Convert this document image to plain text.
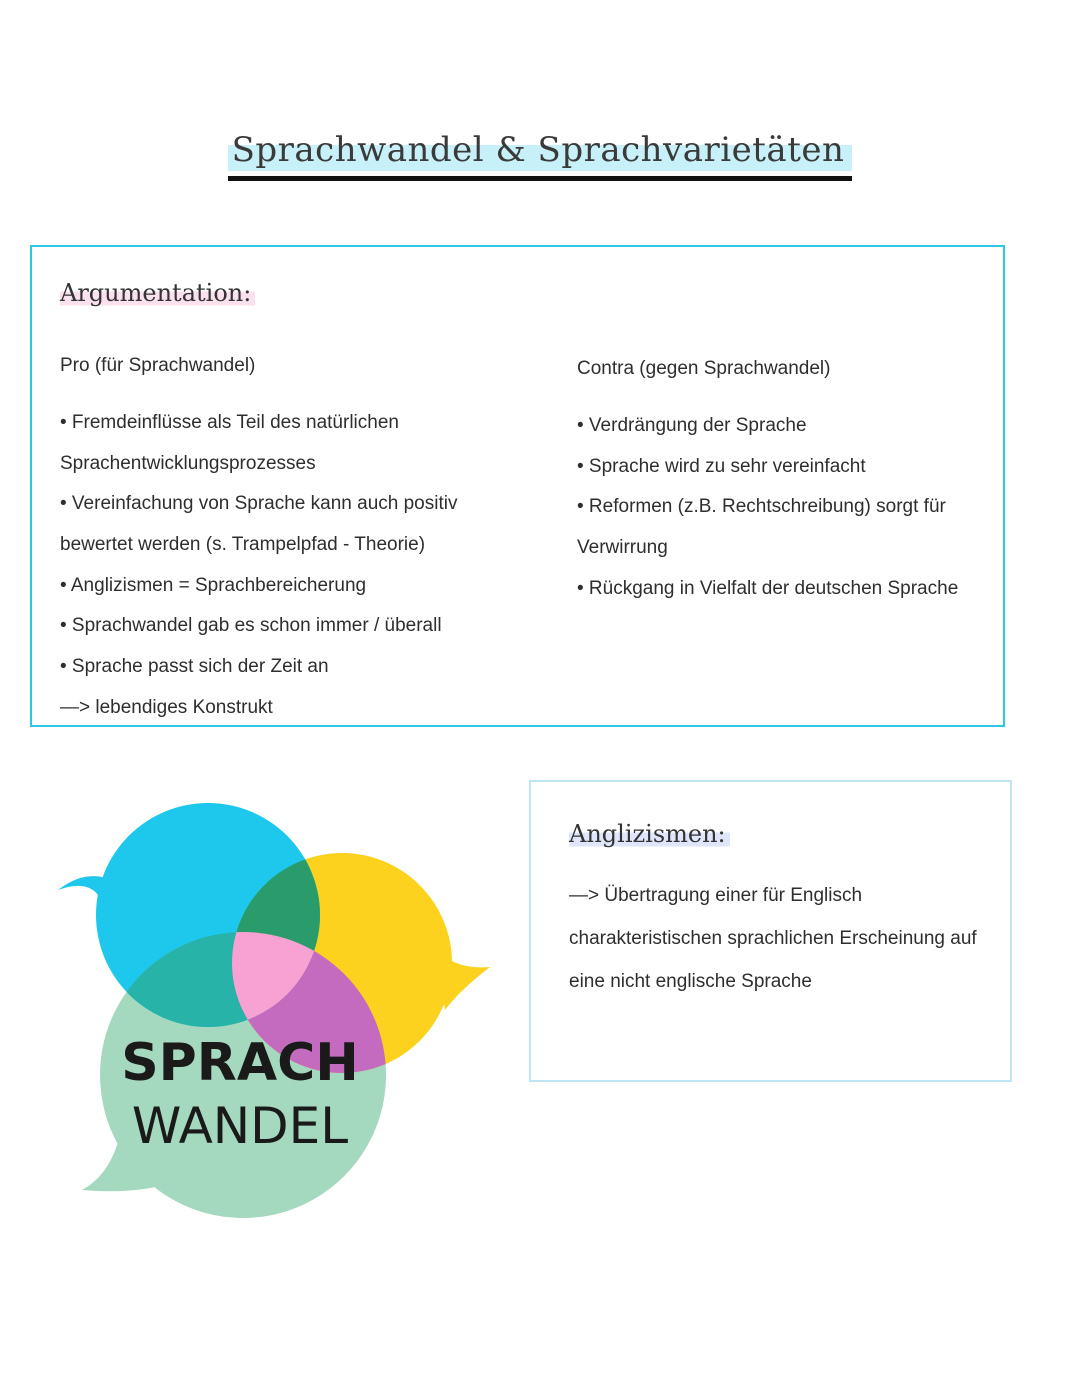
Sprachwandel & Sprachvarietäten
Argumentation:
Pro (für Sprachwandel)
• Fremdeinflüsse als Teil des natürlichen
Sprachentwicklungsprozesses
• Vereinfachung von Sprache kann auch positiv
bewertet werden (s. Trampelpfad - Theorie)
• Anglizismen = Sprachbereicherung
• Sprachwandel gab es schon immer / überall
• Sprache passt sich der Zeit an
—> lebendiges Konstrukt
Contra (gegen Sprachwandel)
• Verdrängung der Sprache
• Sprache wird zu sehr vereinfacht
• Reformen (z.B. Rechtschreibung) sorgt für
Verwirrung
• Rückgang in Vielfalt der deutschen Sprache
SPRACH
WANDEL
Anglizismen:
—> Übertragung einer für Englisch
charakteristischen sprachlichen Erscheinung auf
eine nicht englische Sprache
